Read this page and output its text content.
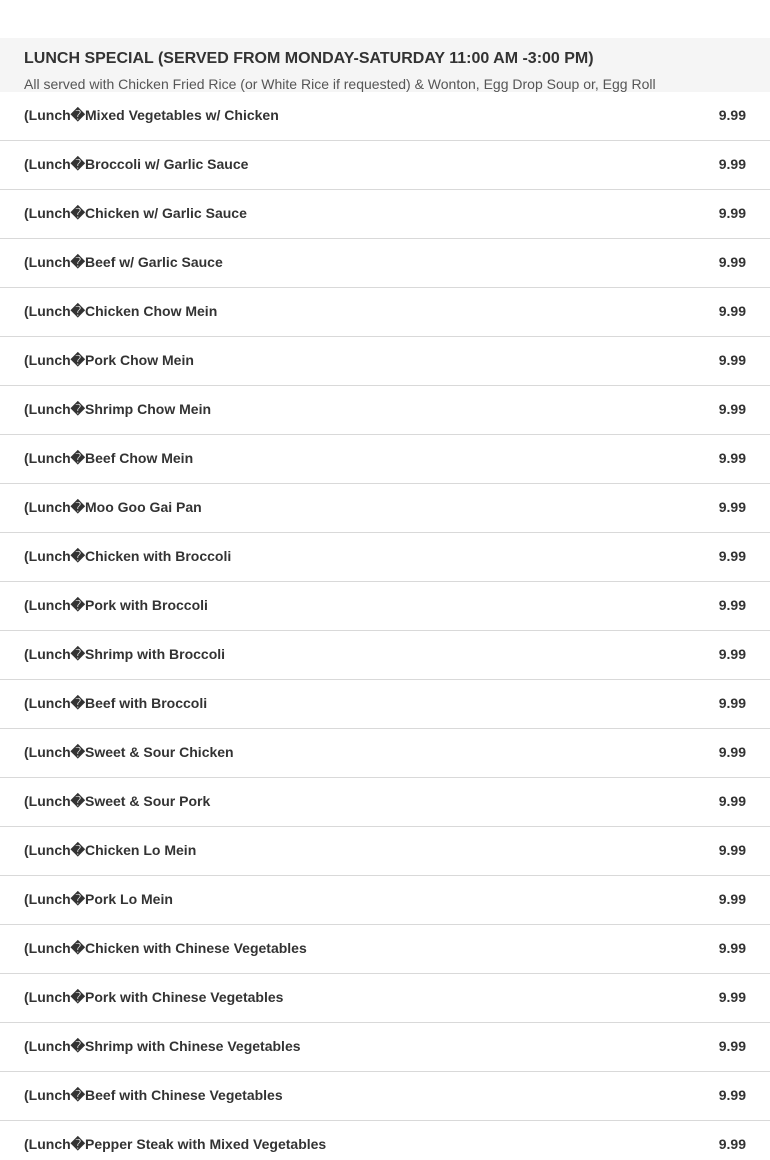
LUNCH SPECIAL (SERVED FROM MONDAY-SATURDAY 11:00 AM -3:00 PM)
All served with Chicken Fried Rice (or White Rice if requested) & Wonton, Egg Drop Soup or, Egg Roll
(Lunch�Mixed Vegetables w/ Chicken	9.99
(Lunch�Broccoli w/ Garlic Sauce	9.99
(Lunch�Chicken w/ Garlic Sauce	9.99
(Lunch�Beef w/ Garlic Sauce	9.99
(Lunch�Chicken Chow Mein	9.99
(Lunch�Pork Chow Mein	9.99
(Lunch�Shrimp Chow Mein	9.99
(Lunch�Beef Chow Mein	9.99
(Lunch�Moo Goo Gai Pan	9.99
(Lunch�Chicken with Broccoli	9.99
(Lunch�Pork with Broccoli	9.99
(Lunch�Shrimp with Broccoli	9.99
(Lunch�Beef with Broccoli	9.99
(Lunch�Sweet & Sour Chicken	9.99
(Lunch�Sweet & Sour Pork	9.99
(Lunch�Chicken Lo Mein	9.99
(Lunch�Pork Lo Mein	9.99
(Lunch�Chicken with Chinese Vegetables	9.99
(Lunch�Pork with Chinese Vegetables	9.99
(Lunch�Shrimp with Chinese Vegetables	9.99
(Lunch�Beef with Chinese Vegetables	9.99
(Lunch�Pepper Steak with Mixed Vegetables	9.99
